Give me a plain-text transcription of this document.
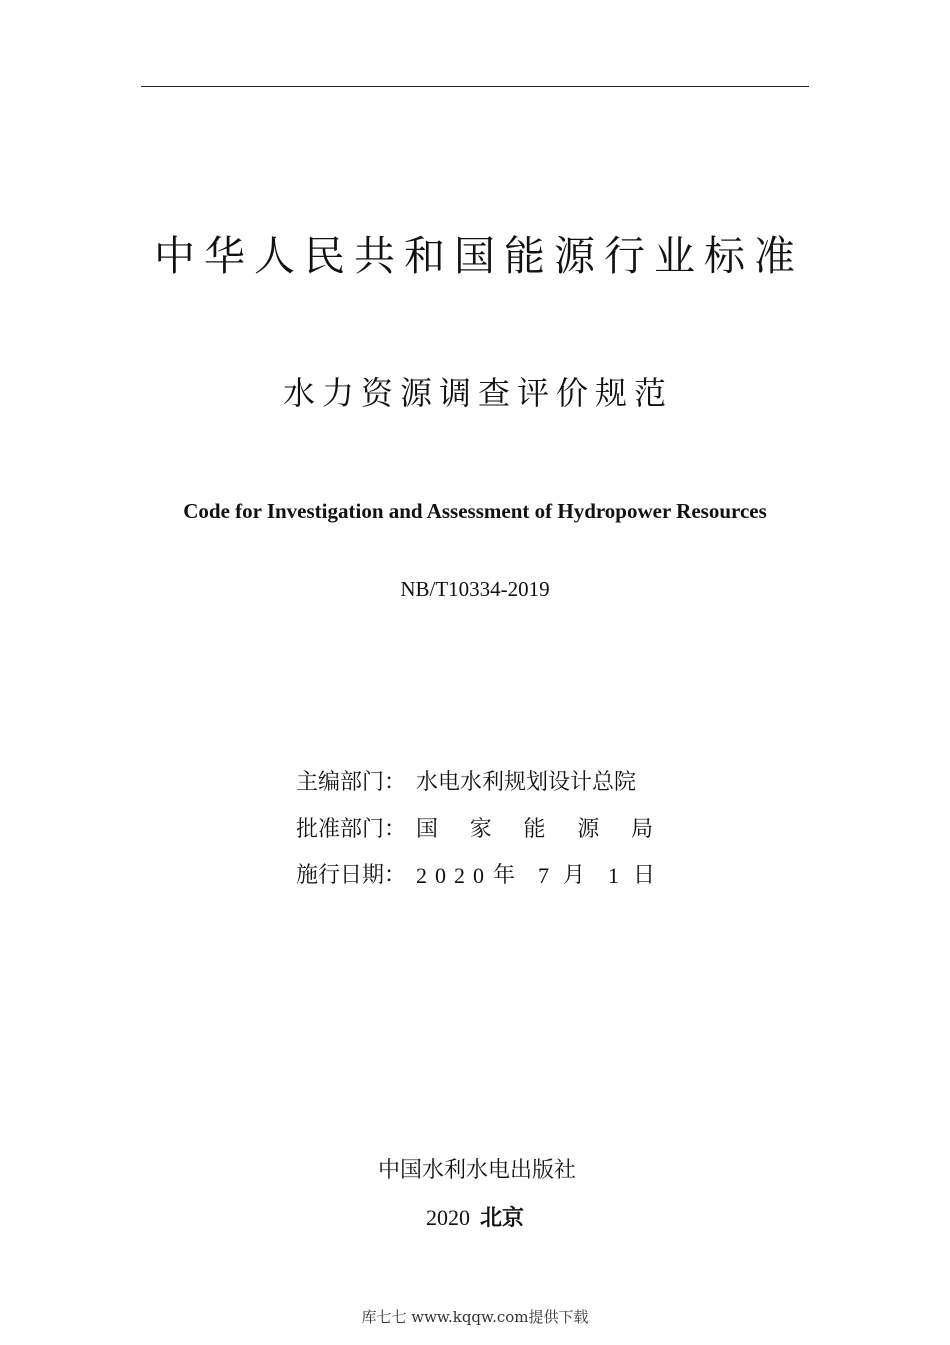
中华人民共和国能源行业标准
水力资源调查评价规范
Code for Investigation and Assessment of Hydropower Resources
NB/T10334-2019
主编部门： 水电水利规划设计总院
批准部门： 国 家 能 源 局
施行日期： 2020 年 7 月 1 日
中国水利水电出版社
2020 北京
库七七 www.kqqw.com提供下载
